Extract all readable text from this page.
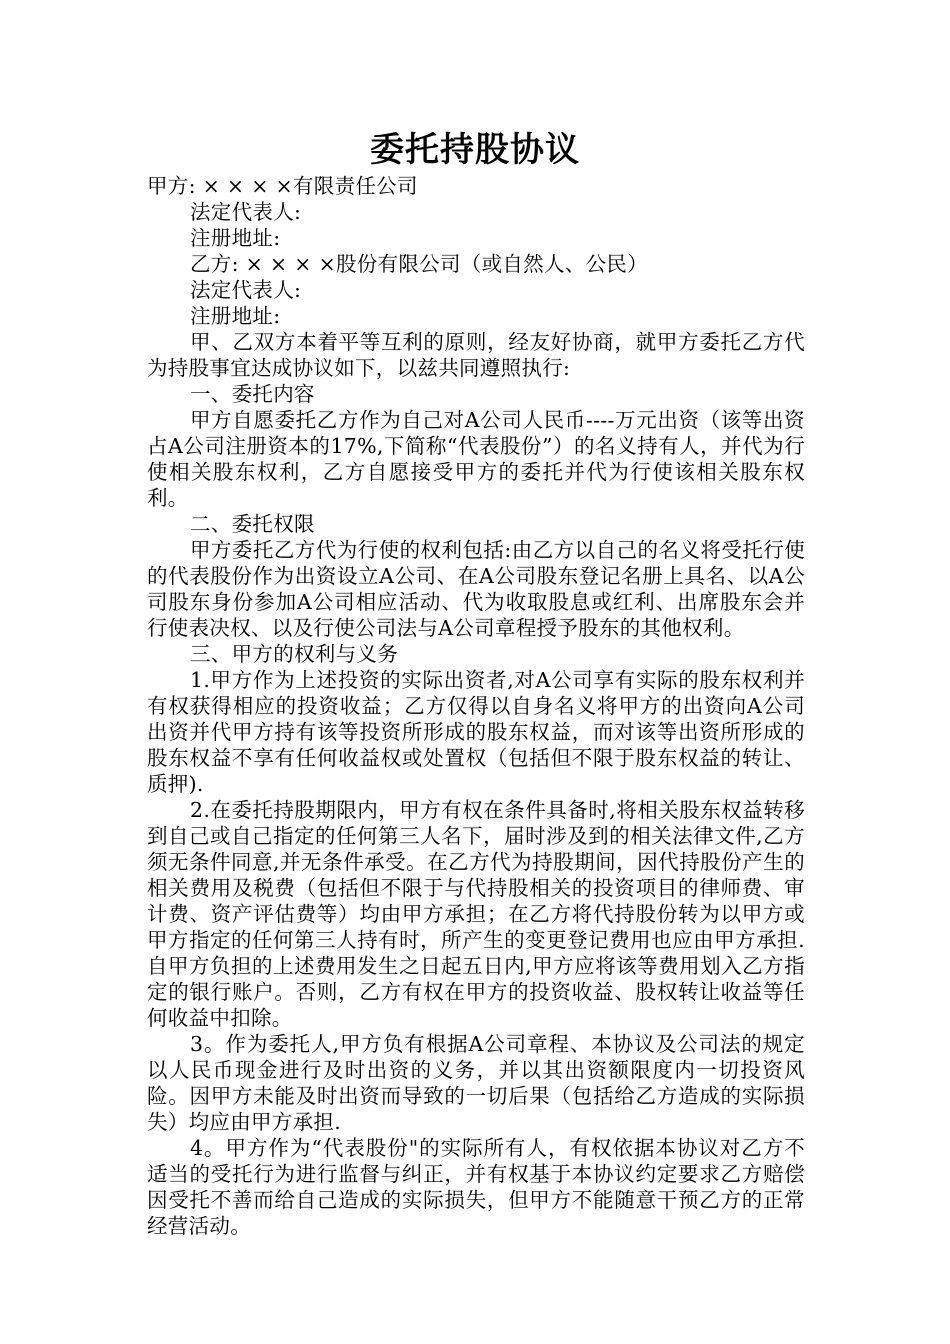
委托持股协议
甲方: × × × ×有限责任公司
法定代表人:
注册地址:
乙方: × × × ×股份有限公司（或自然人、公民）
法定代表人:
注册地址:
甲、乙双方本着平等互利的原则，经友好协商，就甲方委托乙方代为持股事宜达成协议如下，以兹共同遵照执行:
一、委托内容
甲方自愿委托乙方作为自己对A公司人民币----万元出资（该等出资占A公司注册资本的17%,下简称“代表股份”）的名义持有人，并代为行使相关股东权利，乙方自愿接受甲方的委托并代为行使该相关股东权利。
二、委托权限
甲方委托乙方代为行使的权利包括:由乙方以自己的名义将受托行使的代表股份作为出资设立A公司、在A公司股东登记名册上具名、以A公司股东身份参加A公司相应活动、代为收取股息或红利、出席股东会并行使表决权、以及行使公司法与A公司章程授予股东的其他权利。
三、甲方的权利与义务
1.甲方作为上述投资的实际出资者,对A公司享有实际的股东权利并有权获得相应的投资收益；乙方仅得以自身名义将甲方的出资向A公司出资并代甲方持有该等投资所形成的股东权益，而对该等出资所形成的股东权益不享有任何收益权或处置权（包括但不限于股东权益的转让、质押).
2.在委托持股期限内，甲方有权在条件具备时,将相关股东权益转移到自己或自己指定的任何第三人名下，届时涉及到的相关法律文件,乙方须无条件同意,并无条件承受。在乙方代为持股期间，因代持股份产生的相关费用及税费（包括但不限于与代持股相关的投资项目的律师费、审计费、资产评估费等）均由甲方承担；在乙方将代持股份转为以甲方或甲方指定的任何第三人持有时，所产生的变更登记费用也应由甲方承担.自甲方负担的上述费用发生之日起五日内,甲方应将该等费用划入乙方指定的银行账户。否则，乙方有权在甲方的投资收益、股权转让收益等任何收益中扣除。
3。作为委托人,甲方负有根据A公司章程、本协议及公司法的规定以人民币现金进行及时出资的义务，并以其出资额限度内一切投资风险。因甲方未能及时出资而导致的一切后果（包括给乙方造成的实际损失）均应由甲方承担.
4。甲方作为“代表股份"的实际所有人，有权依据本协议对乙方不适当的受托行为进行监督与纠正，并有权基于本协议约定要求乙方赔偿因受托不善而给自己造成的实际损失，但甲方不能随意干预乙方的正常经营活动。
